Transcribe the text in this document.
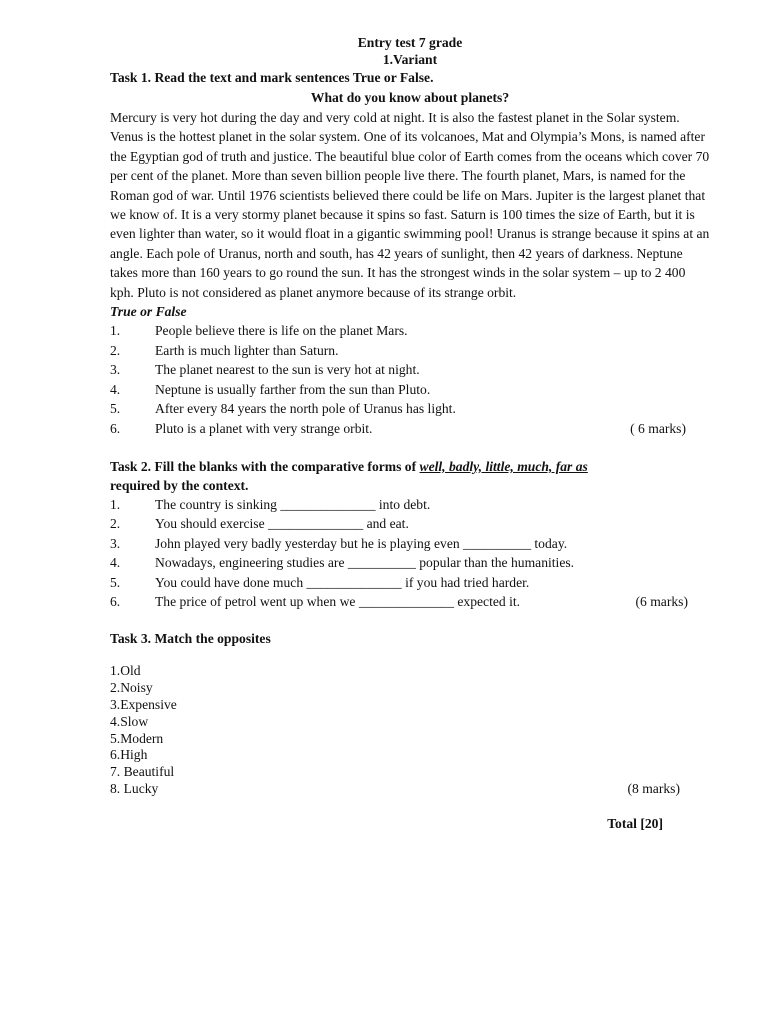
Entry test 7 grade
1.Variant
Task 1. Read the text and mark sentences True or False.
What do you know about planets?

Mercury is very hot during the day and very cold at night. It is also the fastest planet in the Solar system. Venus is the hottest planet in the solar system. One of its volcanoes, Mat and Olympia’s Mons, is named after the Egyptian god of truth and justice. The beautiful blue color of Earth comes from the oceans which cover 70 per cent of the planet. More than seven billion people live there. The fourth planet, Mars, is named for the Roman god of war. Until 1976 scientists believed there could be life on Mars. Jupiter is the largest planet that we know of. It is a very stormy planet because it spins so fast. Saturn is 100 times the size of Earth, but it is even lighter than water, so it would float in a gigantic swimming pool! Uranus is strange because it spins at an angle. Each pole of Uranus, north and south, has 42 years of sunlight, then 42 years of darkness. Neptune takes more than 160 years to go round the sun. It has the strongest winds in the solar system – up to 2 400 kph. Pluto is not considered as planet anymore because of its strange orbit.

True or False
1.	People believe there is life on the planet Mars.
2.	Earth is much lighter than Saturn.
3.	The planet nearest to the sun is very hot at night.
4.	Neptune is usually farther from the sun than Pluto.
5.	After every 84 years the north pole of Uranus has light.
6.	Pluto is a planet with very strange orbit.	( 6 marks)
Task 2. Fill the blanks with the comparative forms of well, badly, little, much, far as
required by the context.
1.	The country is sinking ______________ into debt.
2.	You should exercise ______________ and eat.
3.	John played very badly yesterday but he is playing even __________ today.
4.	Nowadays, engineering studies are __________ popular than the humanities.
5.	You could have done much ______________ if you had tried harder.
6.	The price of petrol went up when we ______________ expected it.	(6 marks)
Task 3. Match the opposites
1.Old
2.Noisy
3.Expensive
4.Slow
5.Modern
6.High
7. Beautiful
8. Lucky	(8 marks)
Total [20]
